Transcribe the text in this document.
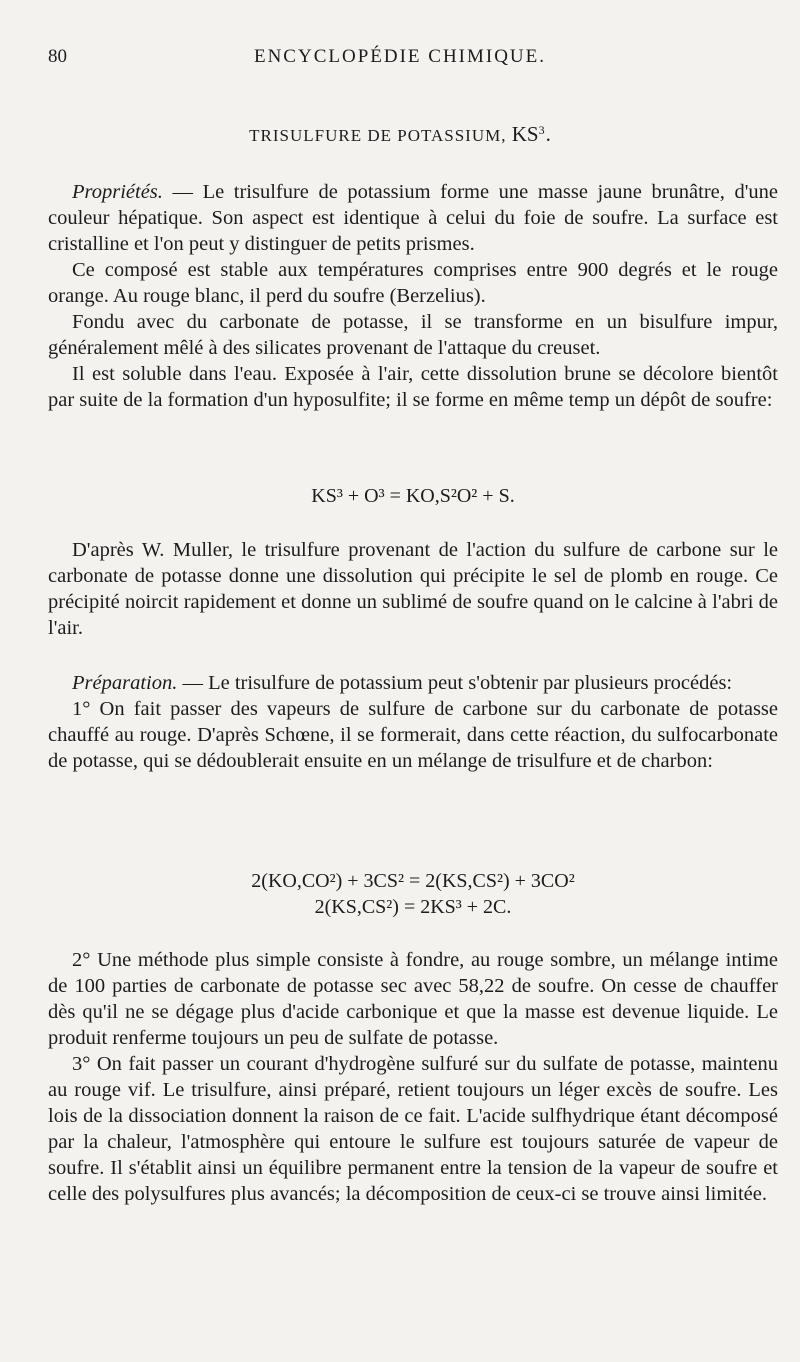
80	ENCYCLOPÉDIE CHIMIQUE.
TRISULFURE DE POTASSIUM, $KS^3$.

Propriétés. — Le trisulfure de potassium forme une masse jaune brunâtre, d'une couleur hépatique. Son aspect est identique à celui du foie de soufre. La surface est cristalline et l'on peut y distinguer de petits prismes.

Ce composé est stable aux températures comprises entre 900 degrés et le rouge orange. Au rouge blanc, il perd du soufre (Berzelius).

Fondu avec du carbonate de potasse, il se transforme en un bisulfure impur, généralement mêlé à des silicates provenant de l'attaque du creuset.

Il est soluble dans l'eau. Exposée à l'air, cette dissolution brune se décolore bientôt par suite de la formation d'un hyposulfite; il se forme en même temp un dépôt de soufre:

KS³ + O³ = KO,S²O² + S.

D'après W. Muller, le trisulfure provenant de l'action du sulfure de carbone sur le carbonate de potasse donne une dissolution qui précipite le sel de plomb en rouge. Ce précipité noircit rapidement et donne un sublimé de soufre quand on le calcine à l'abri de l'air.

Préparation. — Le trisulfure de potassium peut s'obtenir par plusieurs procédés:

1° On fait passer des vapeurs de sulfure de carbone sur du carbonate de potasse chauffé au rouge. D'après Schœne, il se formerait, dans cette réaction, du sulfocarbonate de potasse, qui se dédoublerait ensuite en un mélange de trisulfure et de charbon:

2(KO,CO²) + 3CS² = 2(KS,CS²) + 3CO²
2(KS,CS²) = 2KS³ + 2C.

2° Une méthode plus simple consiste à fondre, au rouge sombre, un mélange intime de 100 parties de carbonate de potasse sec avec 58,22 de soufre. On cesse de chauffer dès qu'il ne se dégage plus d'acide carbonique et que la masse est devenue liquide. Le produit renferme toujours un peu de sulfate de potasse.

3° On fait passer un courant d'hydrogène sulfuré sur du sulfate de potasse, maintenu au rouge vif. Le trisulfure, ainsi préparé, retient toujours un léger excès de soufre. Les lois de la dissociation donnent la raison de ce fait. L'acide sulfhydrique étant décomposé par la chaleur, l'atmosphère qui entoure le sulfure est toujours saturée de vapeur de soufre. Il s'établit ainsi un équilibre permanent entre la tension de la vapeur de soufre et celle des polysulfures plus avancés; la décomposition de ceux-ci se trouve ainsi limitée.
